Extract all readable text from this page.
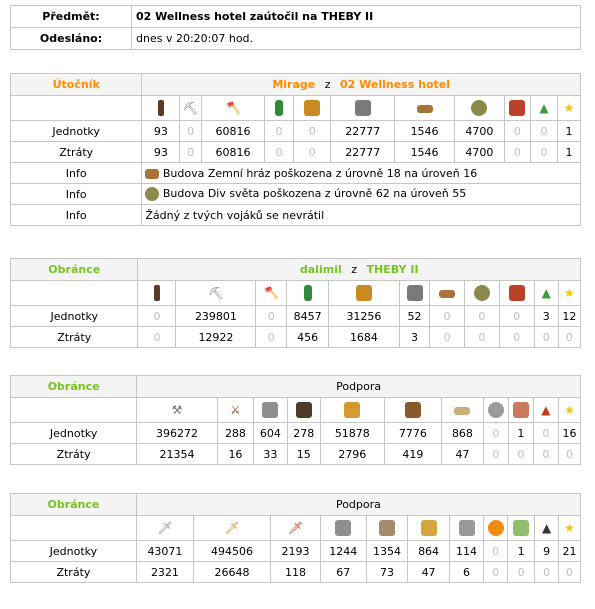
Předmět:	02 Wellness hotel zaútočil na THEBY II
Odesláno:	dnes v 20:20:07 hod.
Útočník	Mirage z 02 Wellness hotel										
		⛏	🪓							▲	★
Jednotky	93	0	60816	0	0	22777	1546	4700	0	0	1
Ztráty	93	0	60816	0	0	22777	1546	4700	0	0	1
Info	Budova Zemní hráz poškozena z úrovně 18 na úroveň 16										
Info	Budova Div světa poškozena z úrovně 62 na úroveň 55										
Info	Žádný z tvých vojáků se nevrátil										
Obránce	dalimil z THEBY II										
		⛏	🪓							▲	★
Jednotky	0	239801	0	8457	31256	52	0	0	0	3	12
Ztráty	0	12922	0	456	1684	3	0	0	0	0	0
Obránce	Podpora										
	⚒	⚔								▲	★
Jednotky	396272	288	604	278	51878	7776	868	0	1	0	16
Ztráty	21354	16	33	15	2796	419	47	0	0	0	0
Obránce	Podpora										
	🗡	🗡	🗡							▲	★
Jednotky	43071	494506	2193	1244	1354	864	114	0	1	9	21
Ztráty	2321	26648	118	67	73	47	6	0	0	0	0
